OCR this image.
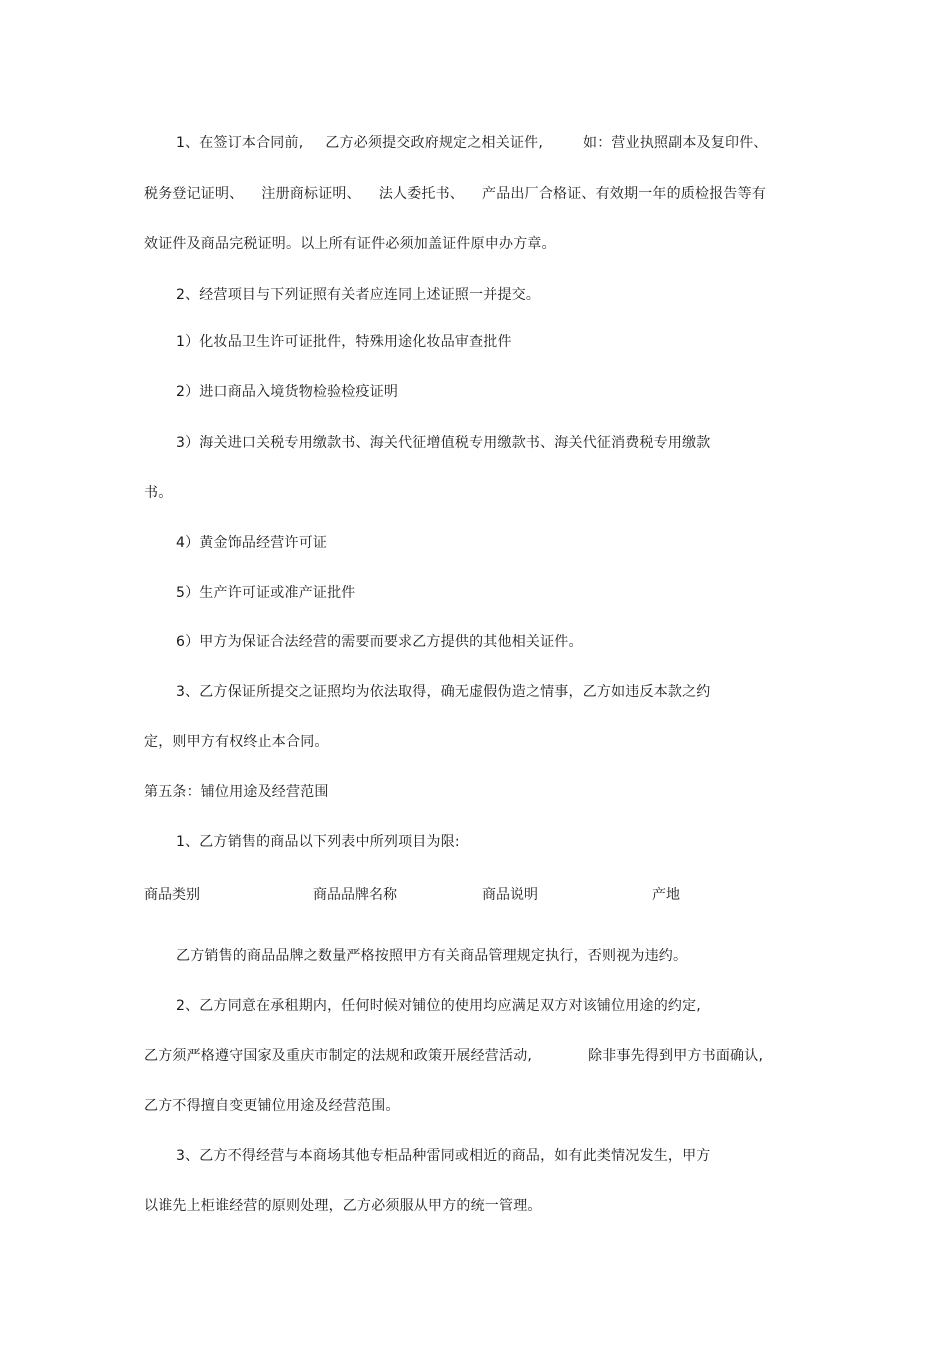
1、在签订本合同前, 乙方必须提交政府规定之相关证件,	如：营业执照副本及复印件、
税务登记证明、 注册商标证明、 法人委托书、 产品出厂合格证、有效期一年的质检报告等有
效证件及商品完税证明。以上所有证件必须加盖证件原申办方章。
2、经营项目与下列证照有关者应连同上述证照一并提交。
1）化妆品卫生许可证批件，特殊用途化妆品审查批件
2）进口商品入境货物检验检疫证明
3）海关进口关税专用缴款书、海关代征增值税专用缴款书、海关代征消费税专用缴款
书。
4）黄金饰品经营许可证
5）生产许可证或准产证批件
6）甲方为保证合法经营的需要而要求乙方提供的其他相关证件。
3、乙方保证所提交之证照均为依法取得，确无虚假伪造之情事，乙方如违反本款之约
定，则甲方有权终止本合同。
第五条：铺位用途及经营范围
1、乙方销售的商品以下列表中所列项目为限:
商品类别	商品品牌名称	商品说明	产地
乙方销售的商品品牌之数量严格按照甲方有关商品管理规定执行，否则视为违约。
2、乙方同意在承租期内，任何时候对铺位的使用均应满足双方对该铺位用途的约定,
乙方须严格遵守国家及重庆市制定的法规和政策开展经营活动,	除非事先得到甲方书面确认,
乙方不得擅自变更铺位用途及经营范围。
3、乙方不得经营与本商场其他专柜品种雷同或相近的商品，如有此类情况发生，甲方
以谁先上柜谁经营的原则处理，乙方必须服从甲方的统一管理。
